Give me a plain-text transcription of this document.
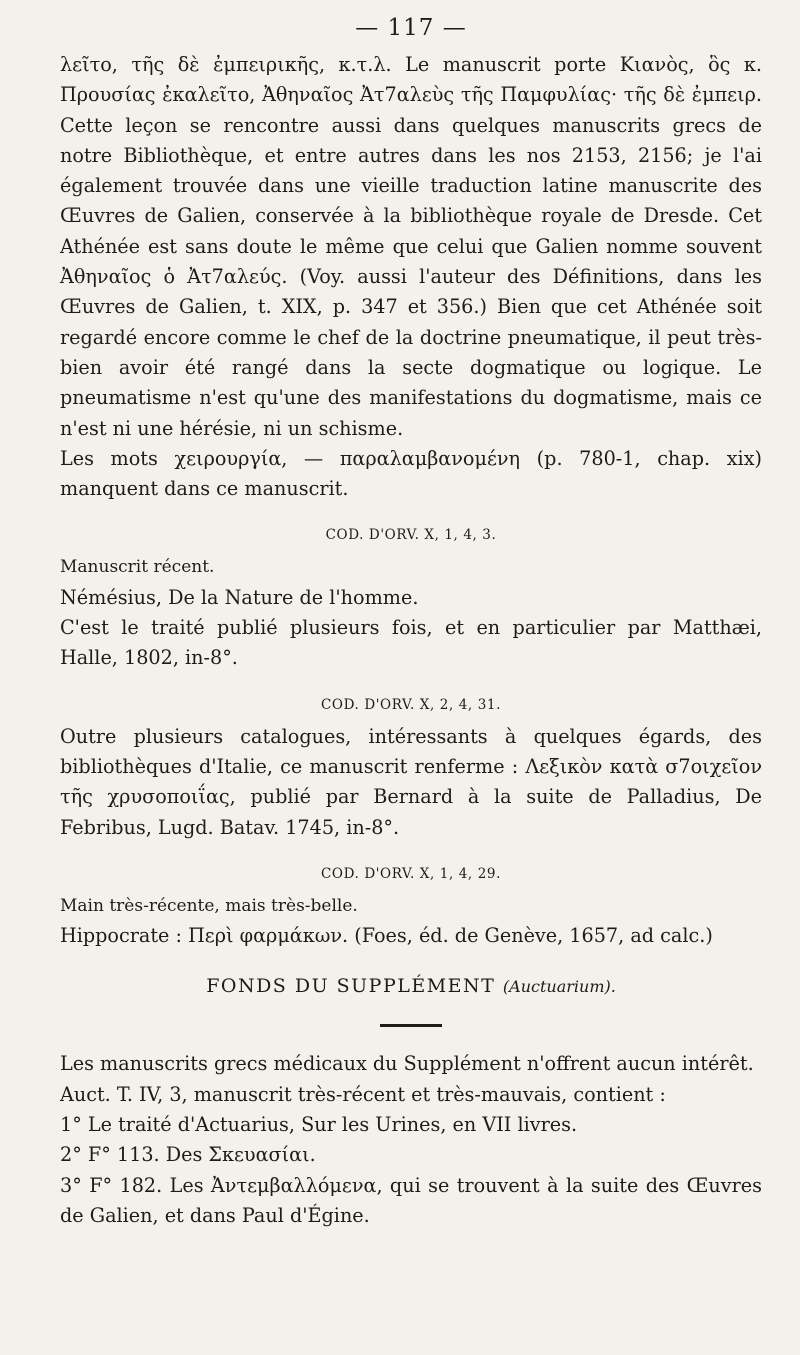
— 117 —

λεῖτο, τῆς δὲ ἐμπειρικῆς, κ.τ.λ. Le manuscrit porte Κιανὸς, ὃς κ. Προυσίας ἐκαλεῖτο, Ἀθηναῖος Ἀτ7αλεὺς τῆς Παμφυλίας· τῆς δὲ ἐμπειρ. Cette leçon se rencontre aussi dans quelques manuscrits grecs de notre Bibliothèque, et entre autres dans les nos 2153, 2156; je l'ai également trouvée dans une vieille traduction latine manuscrite des Œuvres de Galien, conservée à la bibliothèque royale de Dresde. Cet Athénée est sans doute le même que celui que Galien nomme souvent Ἀθηναῖος ὁ Ἀτ7αλεύς. (Voy. aussi l'auteur des Définitions, dans les Œuvres de Galien, t. XIX, p. 347 et 356.) Bien que cet Athénée soit regardé encore comme le chef de la doctrine pneumatique, il peut très-bien avoir été rangé dans la secte dogmatique ou logique. Le pneumatisme n'est qu'une des manifestations du dogmatisme, mais ce n'est ni une hérésie, ni un schisme.

Les mots χειρουργία, — παραλαμβανομένη (p. 780-1, chap. xix) manquent dans ce manuscrit.

COD. D'ORV. X, 1, 4, 3.

Manuscrit récent.

Némésius, De la Nature de l'homme.

C'est le traité publié plusieurs fois, et en particulier par Matthæi, Halle, 1802, in-8°.

COD. D'ORV. X, 2, 4, 31.

Outre plusieurs catalogues, intéressants à quelques égards, des bibliothèques d'Italie, ce manuscrit renferme : Λεξικὸν κατὰ σ7οιχεῖον τῆς χρυσοποιΐας, publié par Bernard à la suite de Palladius, De Febribus, Lugd. Batav. 1745, in-8°.

COD. D'ORV. X, 1, 4, 29.

Main très-récente, mais très-belle.

Hippocrate : Περὶ φαρμάκων. (Foes, éd. de Genève, 1657, ad calc.)

FONDS DU SUPPLÉMENT (Auctuarium).

Les manuscrits grecs médicaux du Supplément n'offrent aucun intérêt.

Auct. T. IV, 3, manuscrit très-récent et très-mauvais, contient :

1° Le traité d'Actuarius, Sur les Urines, en VII livres.

2° F° 113. Des Σκευασίαι.

3° F° 182. Les Ἀντεμβαλλόμενα, qui se trouvent à la suite des Œuvres de Galien, et dans Paul d'Égine.
